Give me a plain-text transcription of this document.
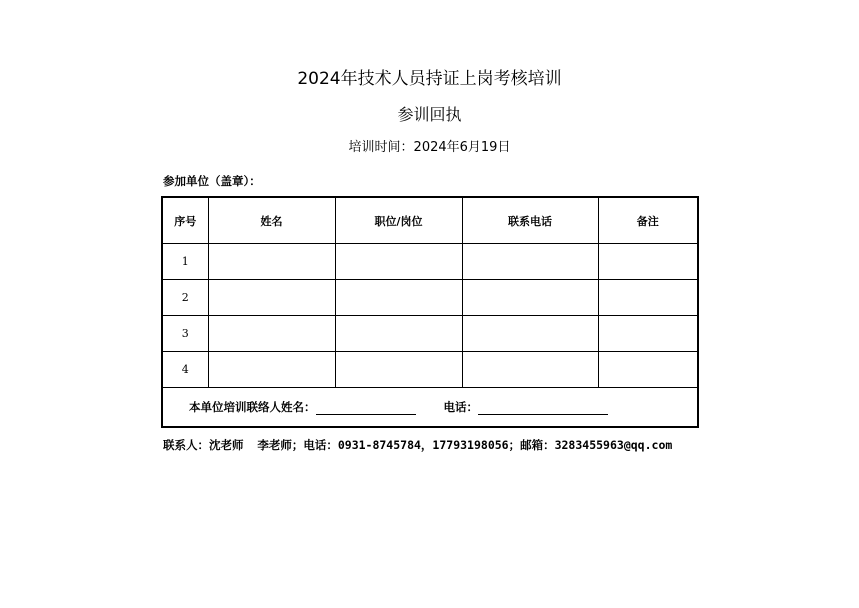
2024年技术人员持证上岗考核培训
参训回执
培训时间：2024年6月19日
参加单位（盖章）：
序号	姓名	职位/岗位	联系电话	备注
1				
2				
3				
4				
本单位培训联络人姓名： 电话：				
联系人：沈老师  李老师；电话：0931-8745784，17793198056；邮箱：3283455963@qq.com
